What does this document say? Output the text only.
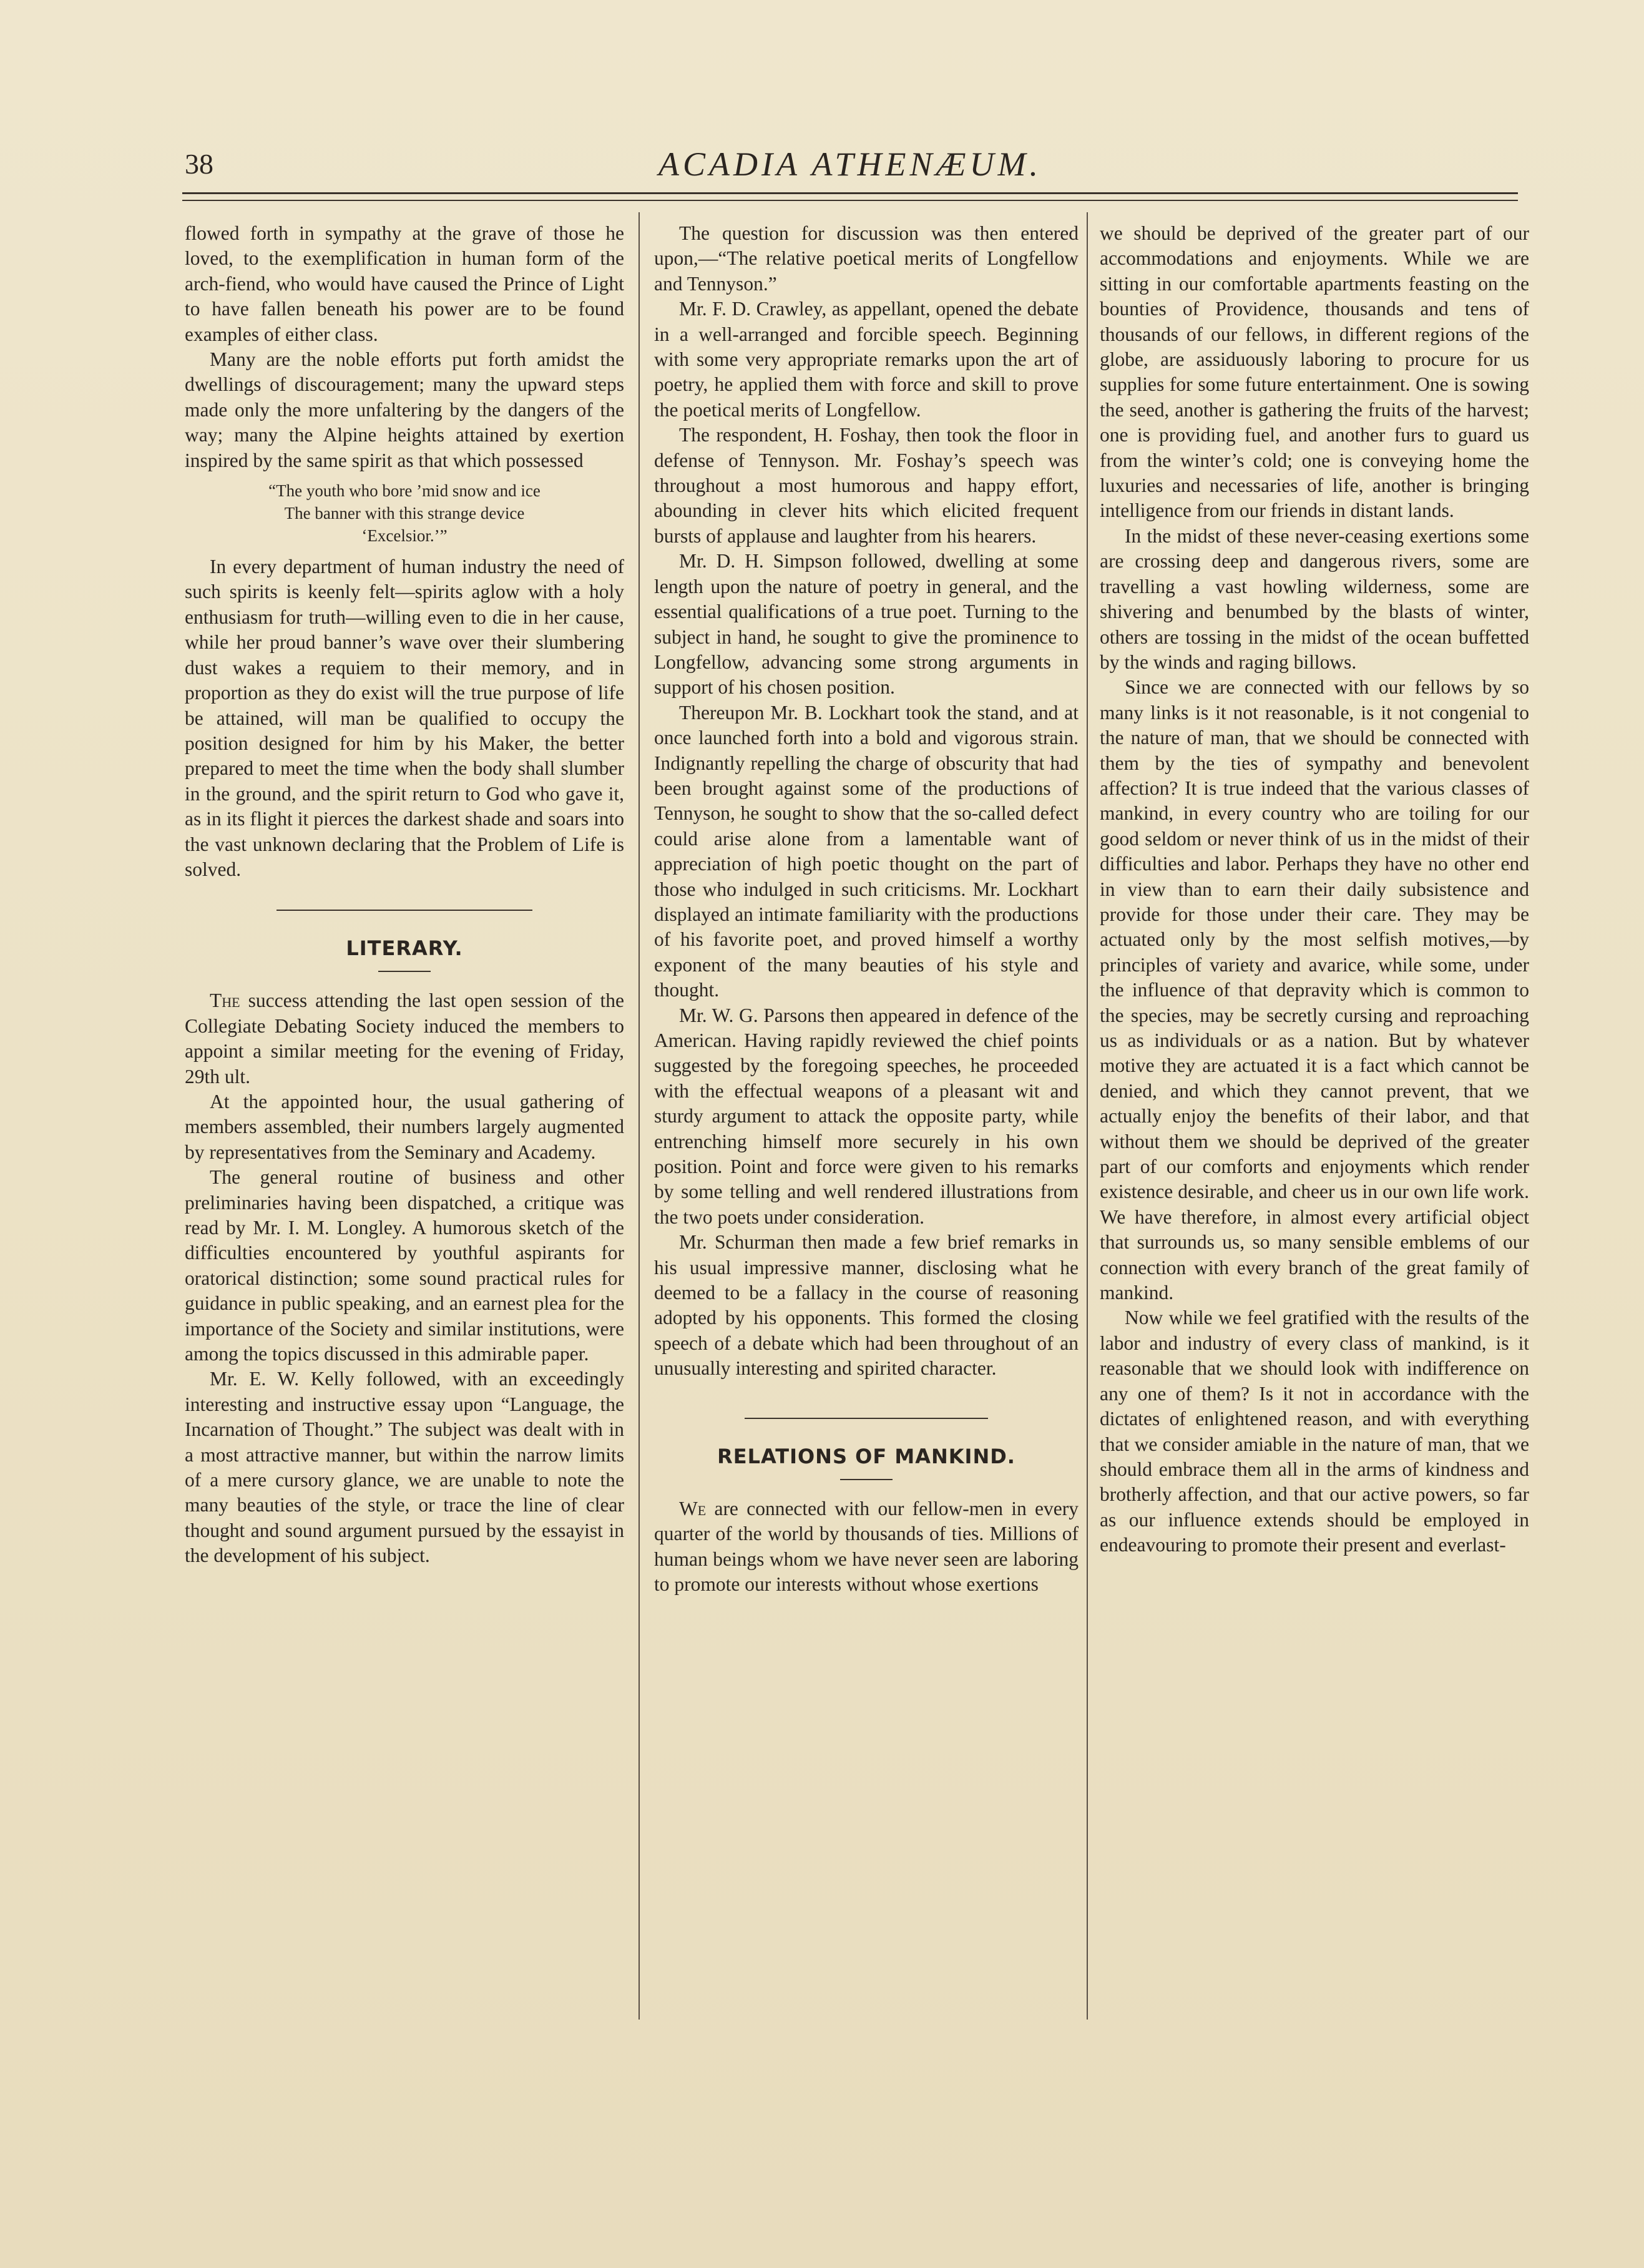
38	ACADIA ATHENÆUM.

flowed forth in sympathy at the grave of those he loved, to the exemplification in human form of the arch-fiend, who would have caused the Prince of Light to have fallen beneath his power are to be found examples of either class.

Many are the noble efforts put forth amidst the dwellings of discouragement; many the upward steps made only the more unfaltering by the dangers of the way; many the Alpine heights attained by exertion inspired by the same spirit as that which possessed

“The youth who bore ’mid snow and ice
The banner with this strange device
‘Excelsior.’”

In every department of human industry the need of such spirits is keenly felt—spirits aglow with a holy enthusiasm for truth—willing even to die in her cause, while her proud banner’s wave over their slumbering dust wakes a requiem to their memory, and in proportion as they do exist will the true purpose of life be attained, will man be qualified to occupy the position designed for him by his Maker, the better prepared to meet the time when the body shall slumber in the ground, and the spirit return to God who gave it, as in its flight it pierces the darkest shade and soars into the vast unknown declaring that the Problem of Life is solved.

LITERARY.

The success attending the last open session of the Collegiate Debating Society induced the members to appoint a similar meeting for the evening of Friday, 29th ult.

At the appointed hour, the usual gathering of members assembled, their numbers largely augmented by representatives from the Seminary and Academy.

The general routine of business and other preliminaries having been dispatched, a critique was read by Mr. I. M. Longley. A humorous sketch of the difficulties encountered by youthful aspirants for oratorical distinction; some sound practical rules for guidance in public speaking, and an earnest plea for the importance of the Society and similar institutions, were among the topics discussed in this admirable paper.

Mr. E. W. Kelly followed, with an exceedingly interesting and instructive essay upon “Language, the Incarnation of Thought.” The subject was dealt with in a most attractive manner, but within the narrow limits of a mere cursory glance, we are unable to note the many beauties of the style, or trace the line of clear thought and sound argument pursued by the essayist in the development of his subject.

The question for discussion was then entered upon,—“The relative poetical merits of Longfellow and Tennyson.”

Mr. F. D. Crawley, as appellant, opened the debate in a well-arranged and forcible speech. Beginning with some very appropriate remarks upon the art of poetry, he applied them with force and skill to prove the poetical merits of Longfellow.

The respondent, H. Foshay, then took the floor in defense of Tennyson. Mr. Foshay’s speech was throughout a most humorous and happy effort, abounding in clever hits which elicited frequent bursts of applause and laughter from his hearers.

Mr. D. H. Simpson followed, dwelling at some length upon the nature of poetry in general, and the essential qualifications of a true poet. Turning to the subject in hand, he sought to give the prominence to Longfellow, advancing some strong arguments in support of his chosen position.

Thereupon Mr. B. Lockhart took the stand, and at once launched forth into a bold and vigorous strain. Indignantly repelling the charge of obscurity that had been brought against some of the productions of Tennyson, he sought to show that the so-called defect could arise alone from a lamentable want of appreciation of high poetic thought on the part of those who indulged in such criticisms. Mr. Lockhart displayed an intimate familiarity with the productions of his favorite poet, and proved himself a worthy exponent of the many beauties of his style and thought.

Mr. W. G. Parsons then appeared in defence of the American. Having rapidly reviewed the chief points suggested by the foregoing speeches, he proceeded with the effectual weapons of a pleasant wit and sturdy argument to attack the opposite party, while entrenching himself more securely in his own position. Point and force were given to his remarks by some telling and well rendered illustrations from the two poets under consideration.

Mr. Schurman then made a few brief remarks in his usual impressive manner, disclosing what he deemed to be a fallacy in the course of reasoning adopted by his opponents. This formed the closing speech of a debate which had been throughout of an unusually interesting and spirited character.

RELATIONS OF MANKIND.

We are connected with our fellow-men in every quarter of the world by thousands of ties. Millions of human beings whom we have never seen are laboring to promote our interests without whose exertions

we should be deprived of the greater part of our accommodations and enjoyments. While we are sitting in our comfortable apartments feasting on the bounties of Providence, thousands and tens of thousands of our fellows, in different regions of the globe, are assiduously laboring to procure for us supplies for some future entertainment. One is sowing the seed, another is gathering the fruits of the harvest; one is providing fuel, and another furs to guard us from the winter’s cold; one is conveying home the luxuries and necessaries of life, another is bringing intelligence from our friends in distant lands.

In the midst of these never-ceasing exertions some are crossing deep and dangerous rivers, some are travelling a vast howling wilderness, some are shivering and benumbed by the blasts of winter, others are tossing in the midst of the ocean buffetted by the winds and raging billows.

Since we are connected with our fellows by so many links is it not reasonable, is it not congenial to the nature of man, that we should be connected with them by the ties of sympathy and benevolent affection? It is true indeed that the various classes of mankind, in every country who are toiling for our good seldom or never think of us in the midst of their difficulties and labor. Perhaps they have no other end in view than to earn their daily subsistence and provide for those under their care. They may be actuated only by the most selfish motives,—by principles of variety and avarice, while some, under the influence of that depravity which is common to the species, may be secretly cursing and reproaching us as individuals or as a nation. But by whatever motive they are actuated it is a fact which cannot be denied, and which they cannot prevent, that we actually enjoy the benefits of their labor, and that without them we should be deprived of the greater part of our comforts and enjoyments which render existence desirable, and cheer us in our own life work. We have therefore, in almost every artificial object that surrounds us, so many sensible emblems of our connection with every branch of the great family of mankind.

Now while we feel gratified with the results of the labor and industry of every class of mankind, is it reasonable that we should look with indifference on any one of them? Is it not in accordance with the dictates of enlightened reason, and with everything that we consider amiable in the nature of man, that we should embrace them all in the arms of kindness and brotherly affection, and that our active powers, so far as our influence extends should be employed in endeavouring to promote their present and everlast-
